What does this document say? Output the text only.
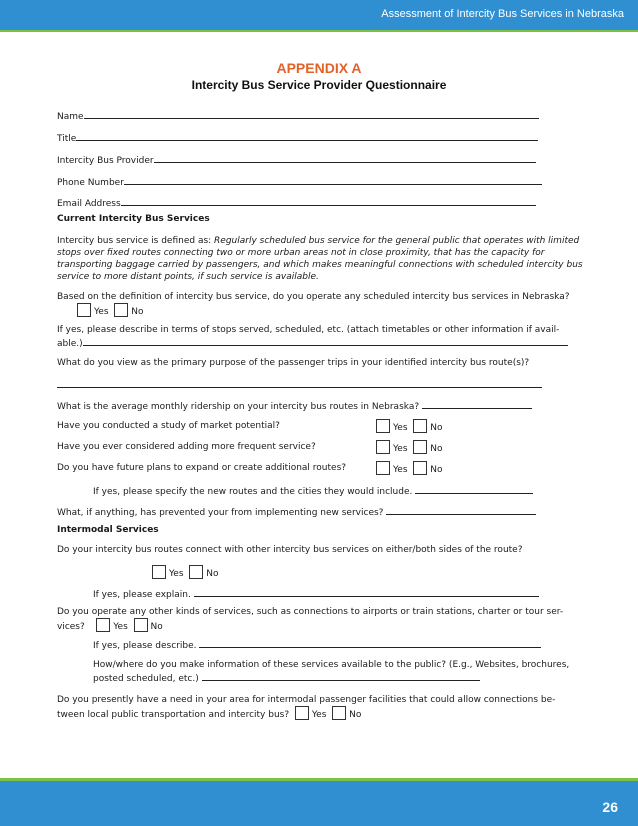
Assessment of Intercity Bus Services in Nebraska
APPENDIX A
Intercity Bus Service Provider Questionnaire
Name
Title
Intercity Bus Provider
Phone Number
Email Address
Current Intercity Bus Services
Intercity bus service is defined as: Regularly scheduled bus service for the general public that operates with limited stops over fixed routes connecting two or more urban areas not in close proximity, that has the capacity for transporting baggage carried by passengers, and which makes meaningful connections with scheduled intercity bus service to more distant points, if such service is available.
Based on the definition of intercity bus service, do you operate any scheduled intercity bus services in Nebraska?
Yes	No
If yes, please describe in terms of stops served, scheduled, etc. (attach timetables or other information if avail-
able.)
What do you view as the primary purpose of the passenger trips in your identified intercity bus route(s)?
What is the average monthly ridership on your intercity bus routes in Nebraska?
Have you conducted a study of market potential?	Yes	No
Have you ever considered adding more frequent service?	Yes	No
Do you have future plans to expand or create additional routes?	Yes	No
If yes, please specify the new routes and the cities they would include.
What, if anything, has prevented your from implementing new services?
Intermodal Services
Do your intercity bus routes connect with other intercity bus services on either/both sides of the route?
Yes	No
If yes, please explain.
Do you operate any other kinds of services, such as connections to airports or train stations, charter or tour ser-
vices?	Yes	No
If yes, please describe.
How/where do you make information of these services available to the public? (E.g., Websites, brochures,
posted scheduled, etc.)
Do you presently have a need in your area for intermodal passenger facilities that could allow connections be-
tween local public transportation and intercity bus?	Yes	No
26
